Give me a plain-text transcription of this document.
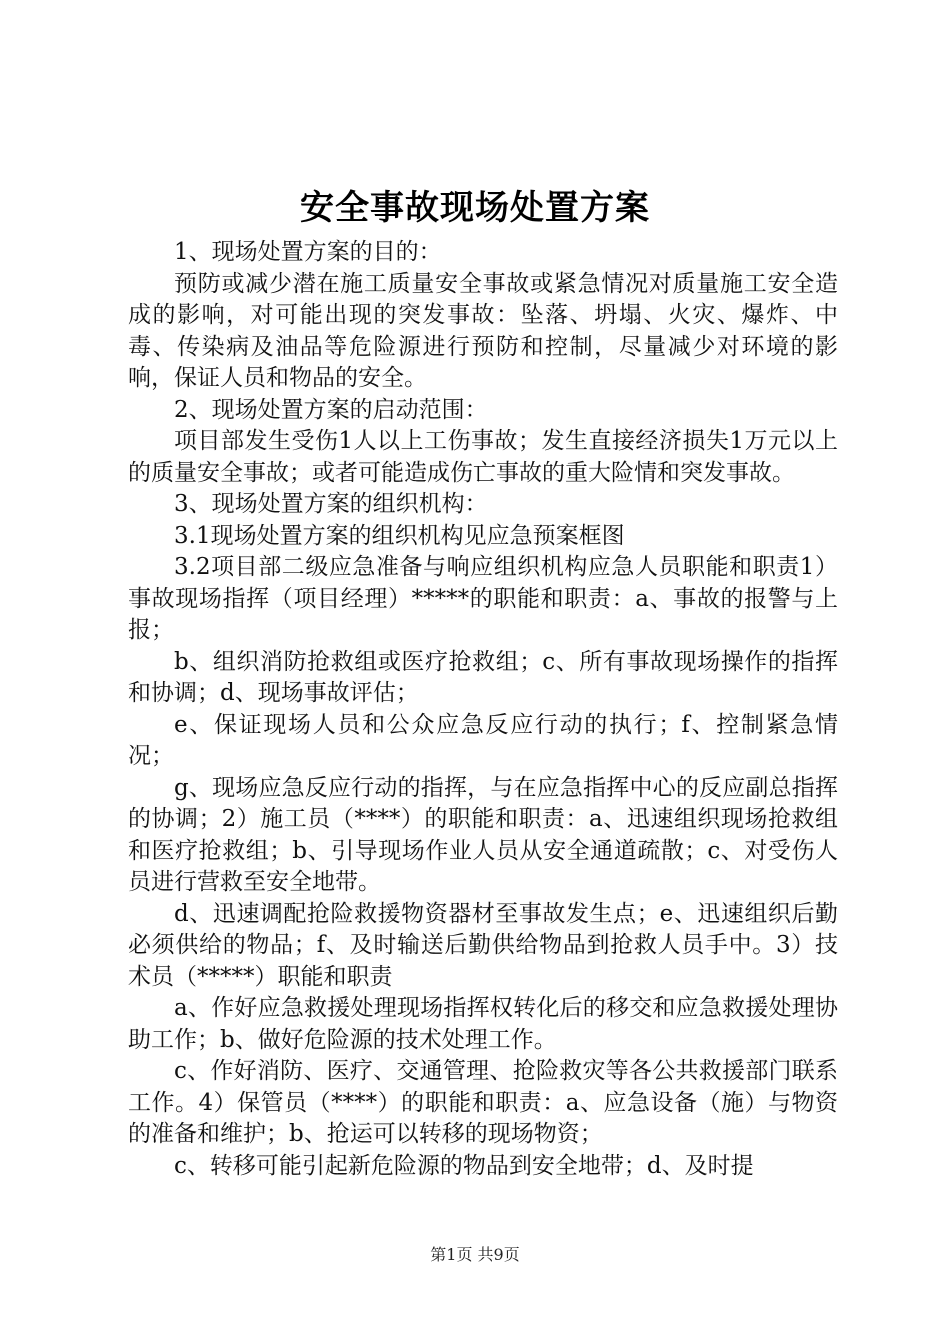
安全事故现场处置方案

1、现场处置方案的目的：

预防或减少潜在施工质量安全事故或紧急情况对质量施工安全造成的影响，对可能出现的突发事故：坠落、坍塌、火灾、爆炸、中毒、传染病及油品等危险源进行预防和控制，尽量减少对环境的影响，保证人员和物品的安全。

2、现场处置方案的启动范围：

项目部发生受伤1人以上工伤事故；发生直接经济损失1万元以上的质量安全事故；或者可能造成伤亡事故的重大险情和突发事故。

3、现场处置方案的组织机构：

3.1现场处置方案的组织机构见应急预案框图

3.2项目部二级应急准备与响应组织机构应急人员职能和职责1）事故现场指挥（项目经理）*****的职能和职责：a、事故的报警与上报；

b、组织消防抢救组或医疗抢救组；c、所有事故现场操作的指挥和协调；d、现场事故评估；

e、保证现场人员和公众应急反应行动的执行；f、控制紧急情况；

g、现场应急反应行动的指挥，与在应急指挥中心的反应副总指挥的协调；2）施工员（****）的职能和职责：a、迅速组织现场抢救组和医疗抢救组；b、引导现场作业人员从安全通道疏散；c、对受伤人员进行营救至安全地带。

d、迅速调配抢险救援物资器材至事故发生点；e、迅速组织后勤必须供给的物品；f、及时输送后勤供给物品到抢救人员手中。3）技术员（*****）职能和职责

a、作好应急救援处理现场指挥权转化后的移交和应急救援处理协助工作；b、做好危险源的技术处理工作。

c、作好消防、医疗、交通管理、抢险救灾等各公共救援部门联系工作。4）保管员（****）的职能和职责：a、应急设备（施）与物资的准备和维护；b、抢运可以转移的现场物资；

c、转移可能引起新危险源的物品到安全地带；d、及时提

第1页 共9页
